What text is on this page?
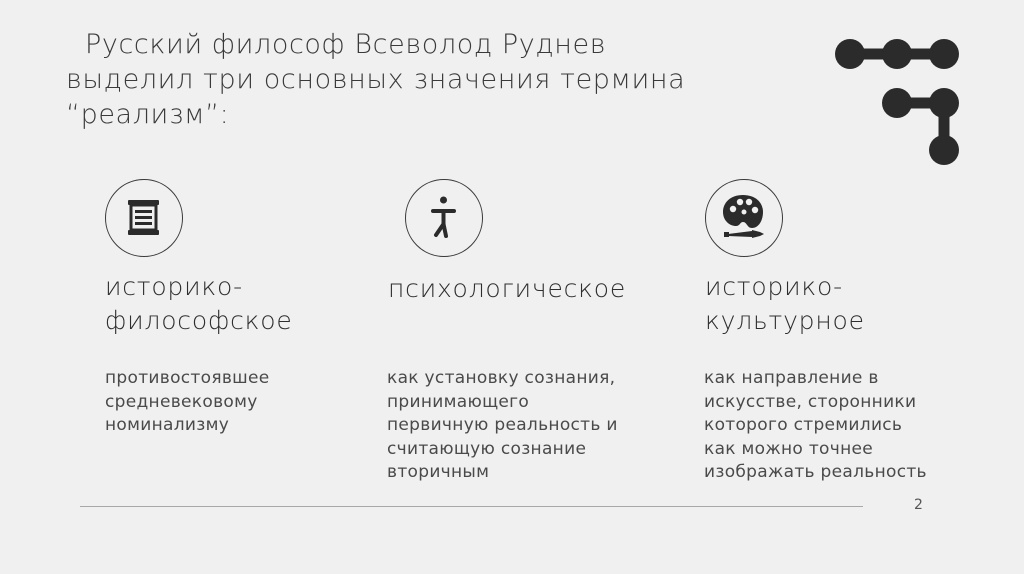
Русский философ Всеволод Руднев
выделил три основных значения термина
“реализм”:
историко-
философское
противостоявшее
средневековому
номинализму
психологическое
как установку сознания,
принимающего
первичную реальность и
считающую сознание
вторичным
историко-
культурное
как направление в
искусстве, сторонники
которого стремились
как можно точнее
изображать реальность
2
